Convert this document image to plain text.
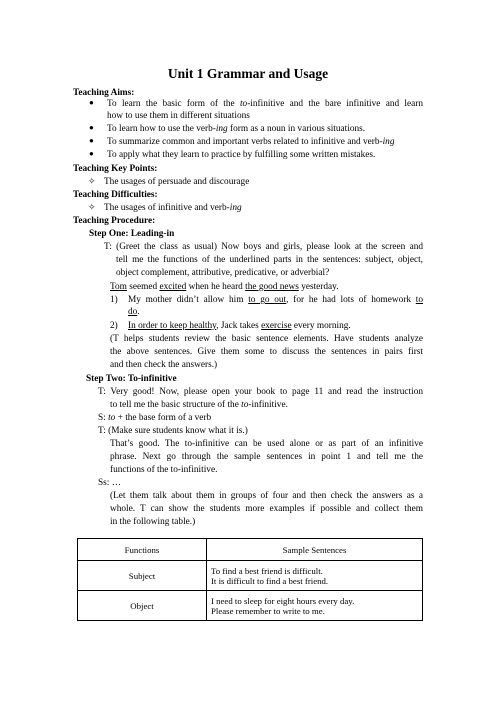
Unit 1 Grammar and Usage
Teaching Aims:
● To learn the basic form of the to-infinitive and the bare infinitive and learn
how to use them in different situations
● To learn how to use the verb-ing form as a noun in various situations.
● To summarize common and important verbs related to infinitive and verb-ing
● To apply what they learn to practice by fulfilling some written mistakes.
Teaching Key Points:
✧ The usages of persuade and discourage
Teaching Difficulties:
✧ The usages of infinitive and verb-ing
Teaching Procedure:
Step One: Leading-in
T: (Greet the class as usual) Now boys and girls, please look at the screen and
tell me the functions of the underlined parts in the sentences: subject, object,
object complement, attributive, predicative, or adverbial?
Tom seemed excited when he heard the good news yesterday.
1) My mother didn’t allow him to go out, for he had lots of homework to
do.
2) In order to keep healthy, Jack takes exercise every morning.
(T helps students review the basic sentence elements. Have students analyze
the above sentences. Give them some to discuss the sentences in pairs first
and then check the answers.)
Step Two: To-infinitive
T: Very good! Now, please open your book to page 11 and read the instruction
to tell me the basic structure of the to-infinitive.
S: to + the base form of a verb
T: (Make sure students know what it is.)
That’s good. The to-infinitive can be used alone or as part of an infinitive
phrase. Next go through the sample sentences in point 1 and tell me the
functions of the to-infinitive.
Ss: …
(Let them talk about them in groups of four and then check the answers as a
whole. T can show the students more examples if possible and collect them
in the following table.)
Functions	Sample Sentences
Subject	To find a best friend is difficult.
It is difficult to find a best friend.

Object	I need to sleep for eight hours every day.
Please remember to write to me.
